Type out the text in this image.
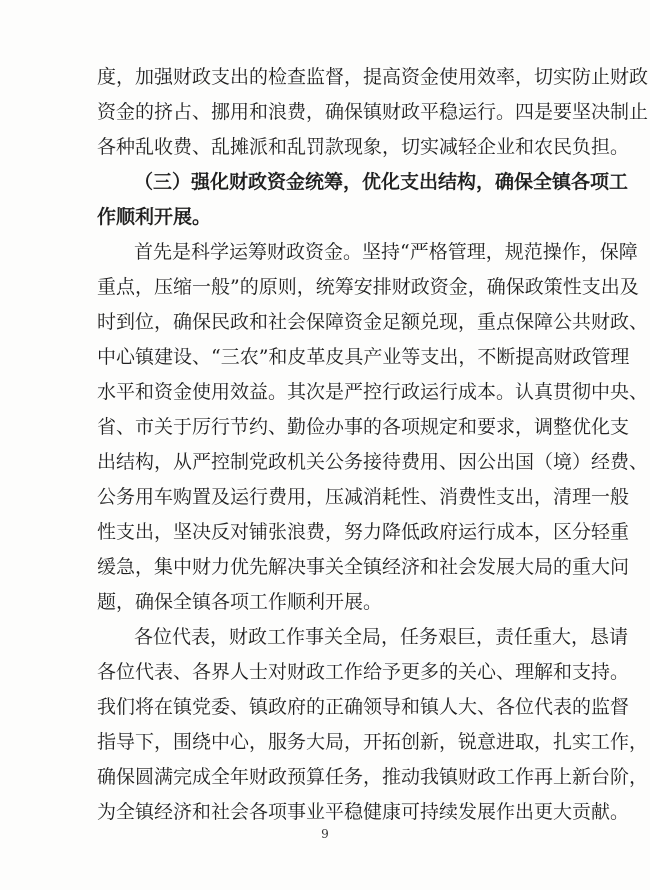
度，加强财政支出的检查监督，提高资金使用效率，切实防止财政
资金的挤占、挪用和浪费，确保镇财政平稳运行。四是要坚决制止
各种乱收费、乱摊派和乱罚款现象，切实减轻企业和农民负担。
（三）强化财政资金统筹，优化支出结构，确保全镇各项工
作顺利开展。
首先是科学运筹财政资金。坚持“严格管理，规范操作，保障
重点，压缩一般”的原则，统筹安排财政资金，确保政策性支出及
时到位，确保民政和社会保障资金足额兑现，重点保障公共财政、
中心镇建设、“三农”和皮革皮具产业等支出，不断提高财政管理
水平和资金使用效益。其次是严控行政运行成本。认真贯彻中央、
省、市关于厉行节约、勤俭办事的各项规定和要求，调整优化支
出结构，从严控制党政机关公务接待费用、因公出国（境）经费、
公务用车购置及运行费用，压减消耗性、消费性支出，清理一般
性支出，坚决反对铺张浪费，努力降低政府运行成本，区分轻重
缓急，集中财力优先解决事关全镇经济和社会发展大局的重大问
题，确保全镇各项工作顺利开展。
各位代表，财政工作事关全局，任务艰巨，责任重大，恳请
各位代表、各界人士对财政工作给予更多的关心、理解和支持。
我们将在镇党委、镇政府的正确领导和镇人大、各位代表的监督
指导下，围绕中心，服务大局，开拓创新，锐意进取，扎实工作，
确保圆满完成全年财政预算任务，推动我镇财政工作再上新台阶，
为全镇经济和社会各项事业平稳健康可持续发展作出更大贡献。
9
